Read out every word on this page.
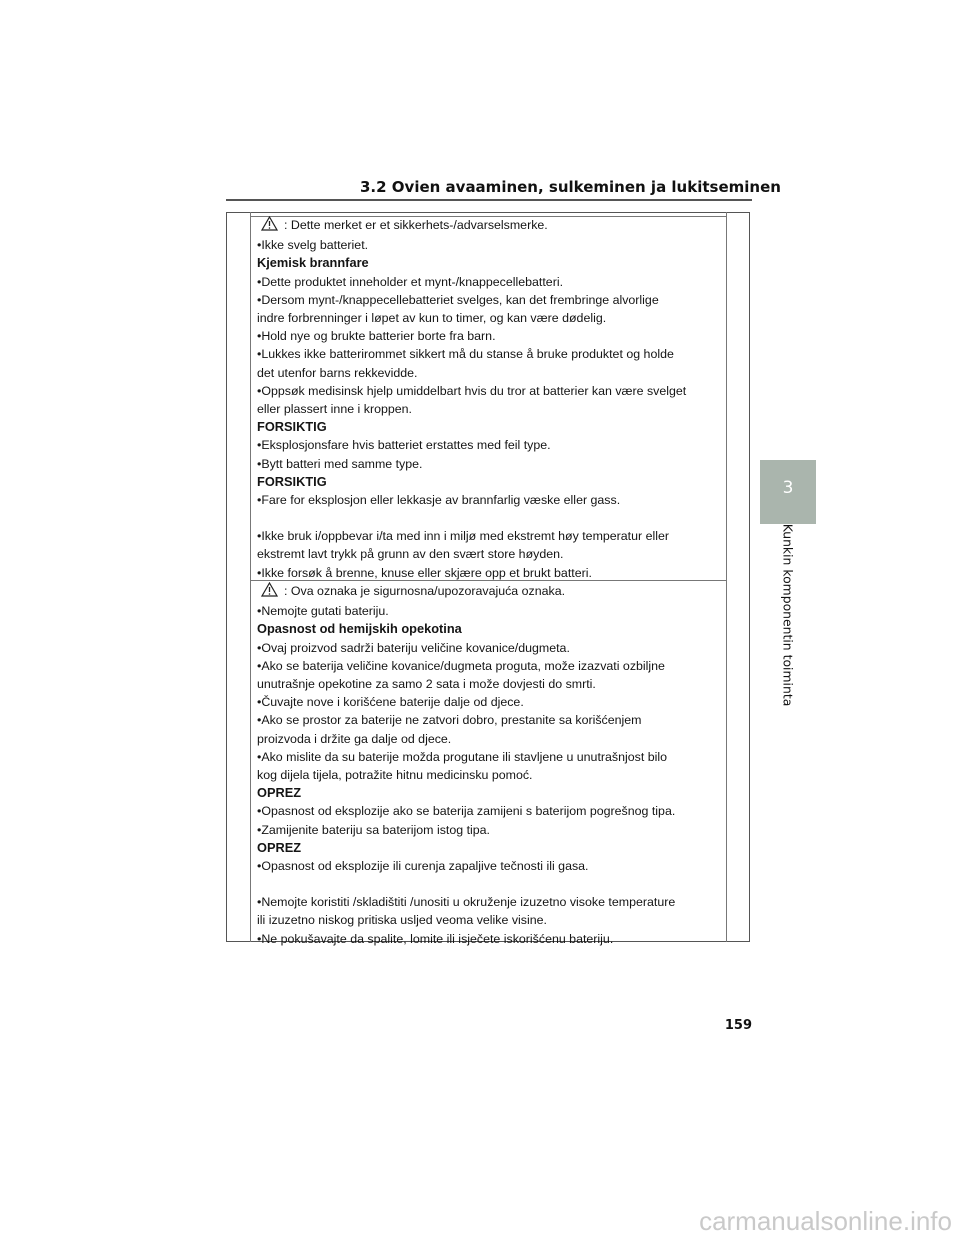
3.2 Ovien avaaminen, sulkeminen ja lukitseminen
: Dette merket er et sikkerhets-/advarselsmerke.
•Ikke svelg batteriet.
Kjemisk brannfare
•Dette produktet inneholder et mynt-/knappecellebatteri.
•Dersom mynt-/knappecellebatteriet svelges, kan det frembringe alvorlige
indre forbrenninger i løpet av kun to timer, og kan være dødelig.
•Hold nye og brukte batterier borte fra barn.
•Lukkes ikke batterirommet sikkert må du stanse å bruke produktet og holde
det utenfor barns rekkevidde.
•Oppsøk medisinsk hjelp umiddelbart hvis du tror at batterier kan være svelget
eller plassert inne i kroppen.
FORSIKTIG
•Eksplosjonsfare hvis batteriet erstattes med feil type.
•Bytt batteri med samme type.
FORSIKTIG
•Fare for eksplosjon eller lekkasje av brannfarlig væske eller gass.
•Ikke bruk i/oppbevar i/ta med inn i miljø med ekstremt høy temperatur eller
ekstremt lavt trykk på grunn av den svært store høyden.
•Ikke forsøk å brenne, knuse eller skjære opp et brukt batteri.
: Ova oznaka je sigurnosna/upozoravajuća oznaka.
•Nemojte gutati bateriju.
Opasnost od hemijskih opekotina
•Ovaj proizvod sadrži bateriju veličine kovanice/dugmeta.
•Ako se baterija veličine kovanice/dugmeta proguta, može izazvati ozbiljne
unutrašnje opekotine za samo 2 sata i može dovjesti do smrti.
•Čuvajte nove i korišćene baterije dalje od djece.
•Ako se prostor za baterije ne zatvori dobro, prestanite sa korišćenjem
proizvoda i držite ga dalje od djece.
•Ako mislite da su baterije možda progutane ili stavljene u unutrašnjost bilo
kog dijela tijela, potražite hitnu medicinsku pomoć.
OPREZ
•Opasnost od eksplozije ako se baterija zamijeni s baterijom pogrešnog tipa.
•Zamijenite bateriju sa baterijom istog tipa.
OPREZ
•Opasnost od eksplozije ili curenja zapaljive tečnosti ili gasa.
•Nemojte koristiti /skladištiti /unositi u okruženje izuzetno visoke temperature
ili izuzetno niskog pritiska usljed veoma velike visine.
•Ne pokušavajte da spalite, lomite ili isječete iskorišćenu bateriju.
3
Kunkin komponentin toiminta
159
carmanualsonline.info
